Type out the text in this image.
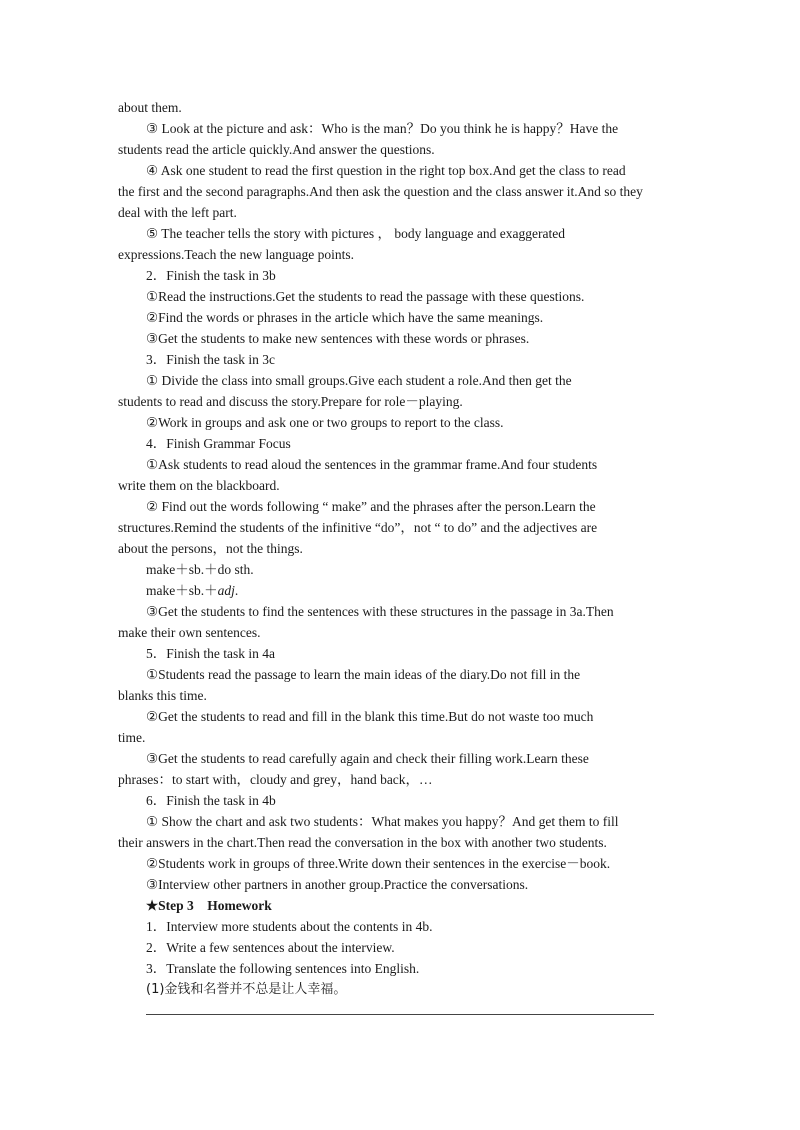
about them.
③ Look at the picture and ask：Who is the man？Do you think he is happy？Have the
students read the article quickly.And answer the questions.
④ Ask one student to read the first question in the right top box.And get the class to read
the first and the second paragraphs.And then ask the question and the class answer it.And so they
deal with the left part.
⑤ The teacher tells the story with pictures ， body language and exaggerated
expressions.Teach the new language points.
2．Finish the task in 3b
①Read the instructions.Get the students to read the passage with these questions.
②Find the words or phrases in the article which have the same meanings.
③Get the students to make new sentences with these words or phrases.
3．Finish the task in 3c
① Divide the class into small groups.Give each student a role.And then get the
students to read and discuss the story.Prepare for role－playing.
②Work in groups and ask one or two groups to report to the class.
4．Finish Grammar Focus
①Ask students to read aloud the sentences in the grammar frame.And four students
write them on the blackboard.
② Find out the words following “ make” and the phrases after the person.Learn the
structures.Remind the students of the infinitive “do”，not “ to do” and the adjectives are
about the persons，not the things.
make＋sb.＋do sth.
make＋sb.＋adj.
③Get the students to find the sentences with these structures in the passage in 3a.Then
make their own sentences.
5．Finish the task in 4a
①Students read the passage to learn the main ideas of the diary.Do not fill in the
blanks this time.
②Get the students to read and fill in the blank this time.But do not waste too much
time.
③Get the students to read carefully again and check their filling work.Learn these
phrases：to start with，cloudy and grey，hand back，…
6．Finish the task in 4b
① Show the chart and ask two students：What makes you happy？And get them to fill
their answers in the chart.Then read the conversation in the box with another two students.
②Students work in groups of three.Write down their sentences in the exercise－book.
③Interview other partners in another group.Practice the conversations.
★Step 3　Homework
1．Interview more students about the contents in 4b.
2．Write a few sentences about the interview.
3．Translate the following sentences into English.
(1)金钱和名誉并不总是让人幸福。
